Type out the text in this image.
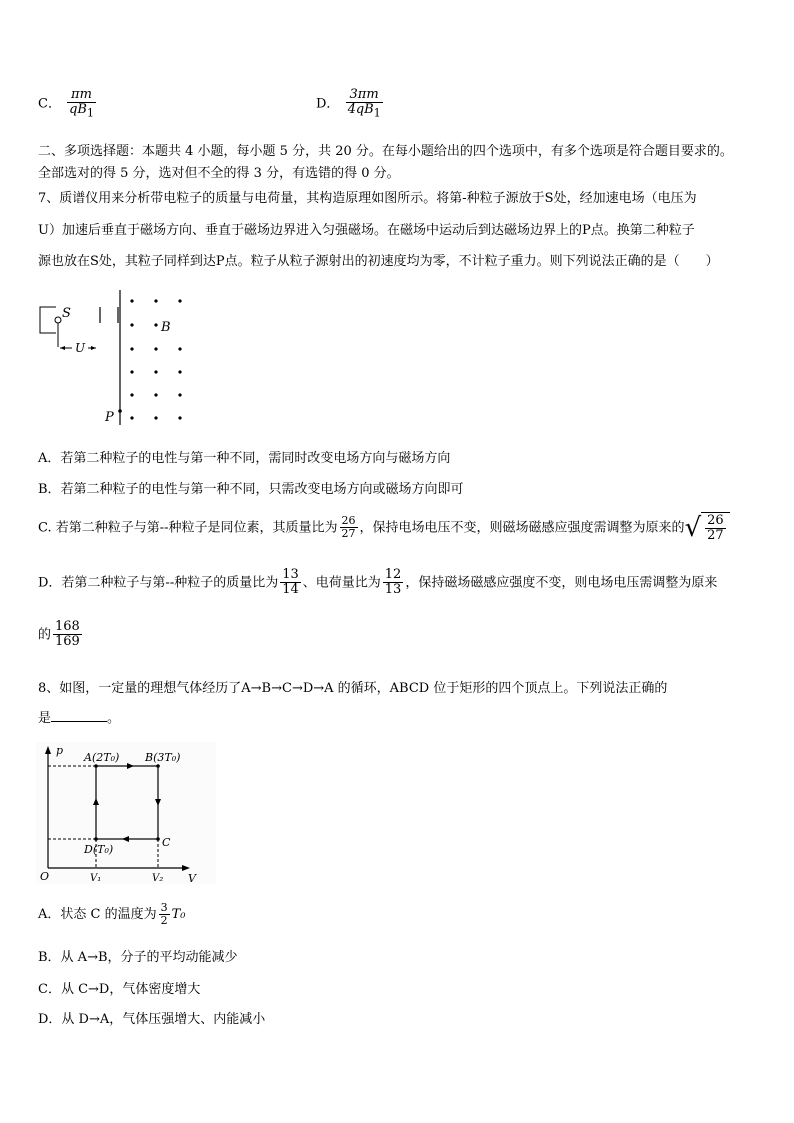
C． $\frac{\pi m}{qB_1}$	D． $\frac{3\pi m}{4qB_1}$
二、多项选择题：本题共 4 小题，每小题 5 分，共 20 分。在每小题给出的四个选项中，有多个选项是符合题目要求的。
全部选对的得 5 分，选对但不全的得 3 分，有选错的得 0 分。
7、质谱仪用来分析带电粒子的质量与电荷量，其构造原理如图所示。将第-种粒子源放于S处，经加速电场（电压为
U）加速后垂直于磁场方向、垂直于磁场边界进入匀强磁场。在磁场中运动后到达磁场边界上的P点。换第二种粒子
源也放在S处，其粒子同样到达P点。粒子从粒子源射出的初速度均为零，不计粒子重力。则下列说法正确的是（　　）
S
U
B
P
A．若第二种粒子的电性与第一种不同，需同时改变电场方向与磁场方向
B．若第二种粒子的电性与第一种不同，只需改变电场方向或磁场方向即可
C. 若第二种粒子与第--种粒子是同位素，其质量比为 $\frac{26}{27}$ ，保持电场电压不变，则磁场磁感应强度需调整为原来的√ $\frac{26}{27}$
D．若第二种粒子与第--种粒子的质量比为 $\frac{13}{14}$ 、电荷量比为 $\frac{12}{13}$ ，保持磁场磁感应强度不变，则电场电压需调整为原来
的 $\frac{168}{169}$
8、如图，一定量的理想气体经历了A→B→C→D→A 的循环，ABCD 位于矩形的四个顶点上。下列说法正确的
是	。
p
V
O
A(2T₀) B(3T₀)
C
D(T₀)
V₁	V₂
A．状态 C 的温度为 $\frac{3}{2} T_0$
B．从 A→B，分子的平均动能减少
C．从 C→D，气体密度增大
D．从 D→A，气体压强增大、内能减小
